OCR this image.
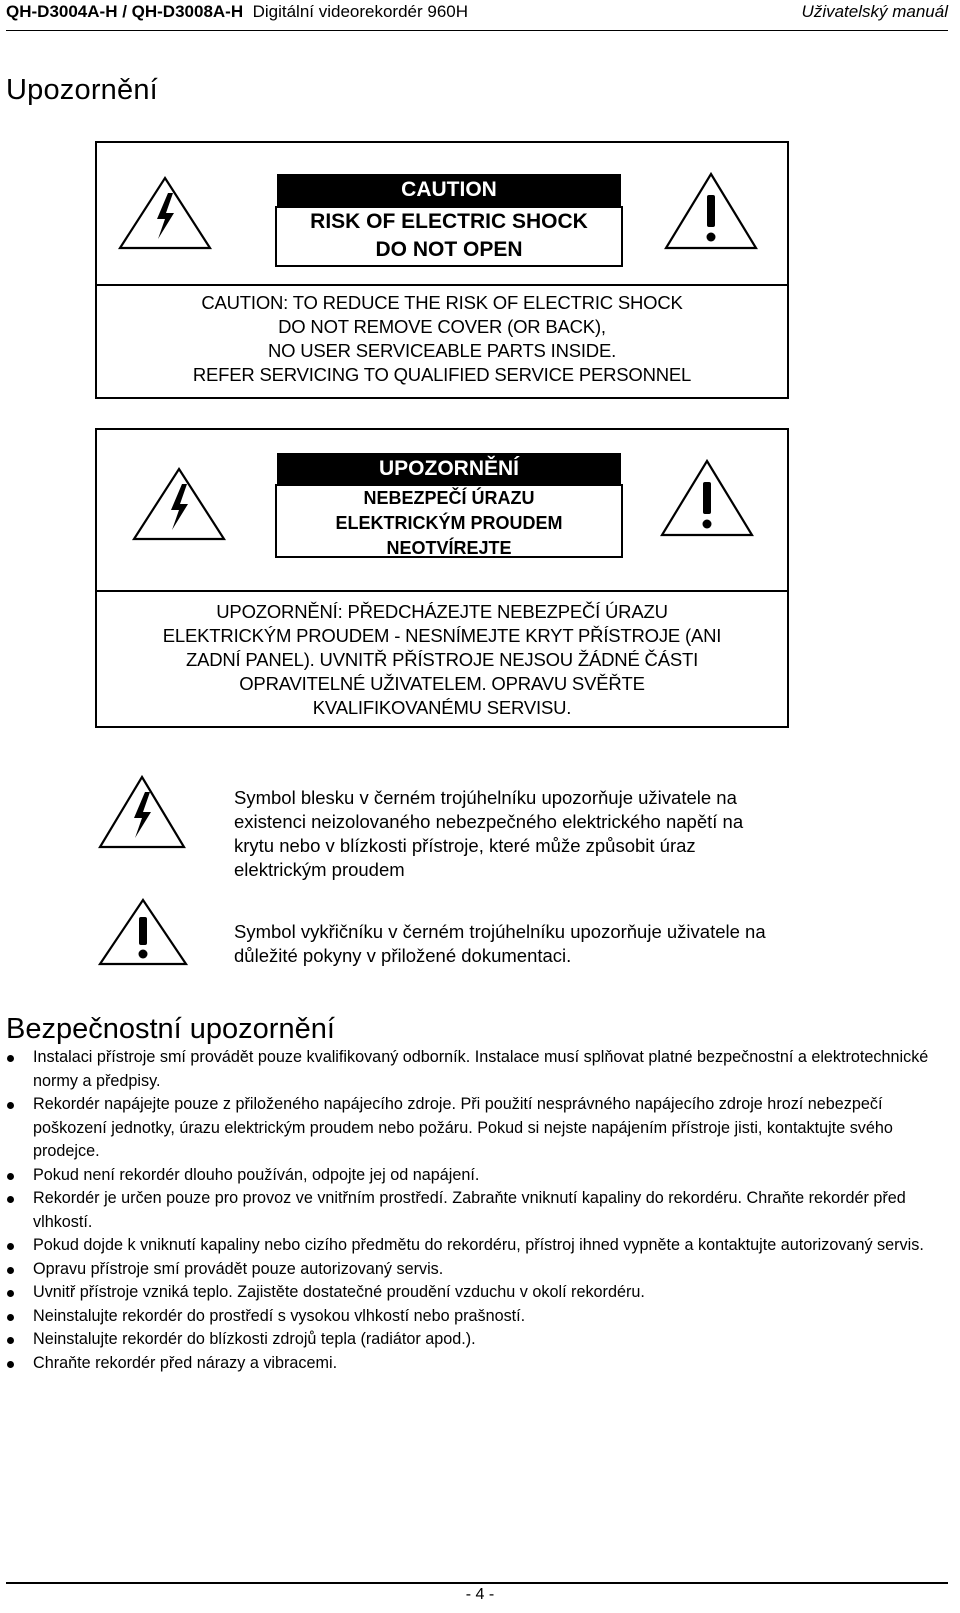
QH-D3004A-H / QH-D3008A-H Digitální videorekordér 960H	Uživatelský manuál
Upozornění
CAUTION
RISK OF ELECTRIC SHOCK
DO NOT OPEN
CAUTION: TO REDUCE THE RISK OF ELECTRIC SHOCK
DO NOT REMOVE COVER (OR BACK),
NO USER SERVICEABLE PARTS INSIDE.
REFER SERVICING TO QUALIFIED SERVICE PERSONNEL
UPOZORNĚNÍ
NEBEZPEČÍ ÚRAZU
ELEKTRICKÝM PROUDEM
NEOTVÍREJTE
UPOZORNĚNÍ: PŘEDCHÁZEJTE NEBEZPEČÍ ÚRAZU
ELEKTRICKÝM PROUDEM - NESNÍMEJTE KRYT PŘÍSTROJE (ANI
ZADNÍ PANEL). UVNITŘ PŘÍSTROJE NEJSOU ŽÁDNÉ ČÁSTI
OPRAVITELNÉ UŽIVATELEM. OPRAVU SVĚŘTE
KVALIFIKOVANÉMU SERVISU.
Symbol blesku v černém trojúhelníku upozorňuje uživatele na
existenci neizolovaného nebezpečného elektrického napětí na
krytu nebo v blízkosti přístroje, které může způsobit úraz
elektrickým proudem
Symbol vykřičníku v černém trojúhelníku upozorňuje uživatele na
důležité pokyny v přiložené dokumentaci.
Bezpečnostní upozornění
Instalaci přístroje smí provádět pouze kvalifikovaný odborník. Instalace musí splňovat platné bezpečnostní a elektrotechnické normy a předpisy.
Rekordér napájejte pouze z přiloženého napájecího zdroje. Při použití nesprávného napájecího zdroje hrozí nebezpečí poškození jednotky, úrazu elektrickým proudem nebo požáru. Pokud si nejste napájením přístroje jisti, kontaktujte svého prodejce.
Pokud není rekordér dlouho používán, odpojte jej od napájení.
Rekordér je určen pouze pro provoz ve vnitřním prostředí. Zabraňte vniknutí kapaliny do rekordéru. Chraňte rekordér před vlhkostí.
Pokud dojde k vniknutí kapaliny nebo cizího předmětu do rekordéru, přístroj ihned vypněte a kontaktujte autorizovaný servis.
Opravu přístroje smí provádět pouze autorizovaný servis.
Uvnitř přístroje vzniká teplo. Zajistěte dostatečné proudění vzduchu v okolí rekordéru.
Neinstalujte rekordér do prostředí s vysokou vlhkostí nebo prašností.
Neinstalujte rekordér do blízkosti zdrojů tepla (radiátor apod.).
Chraňte rekordér před nárazy a vibracemi.
- 4 -
